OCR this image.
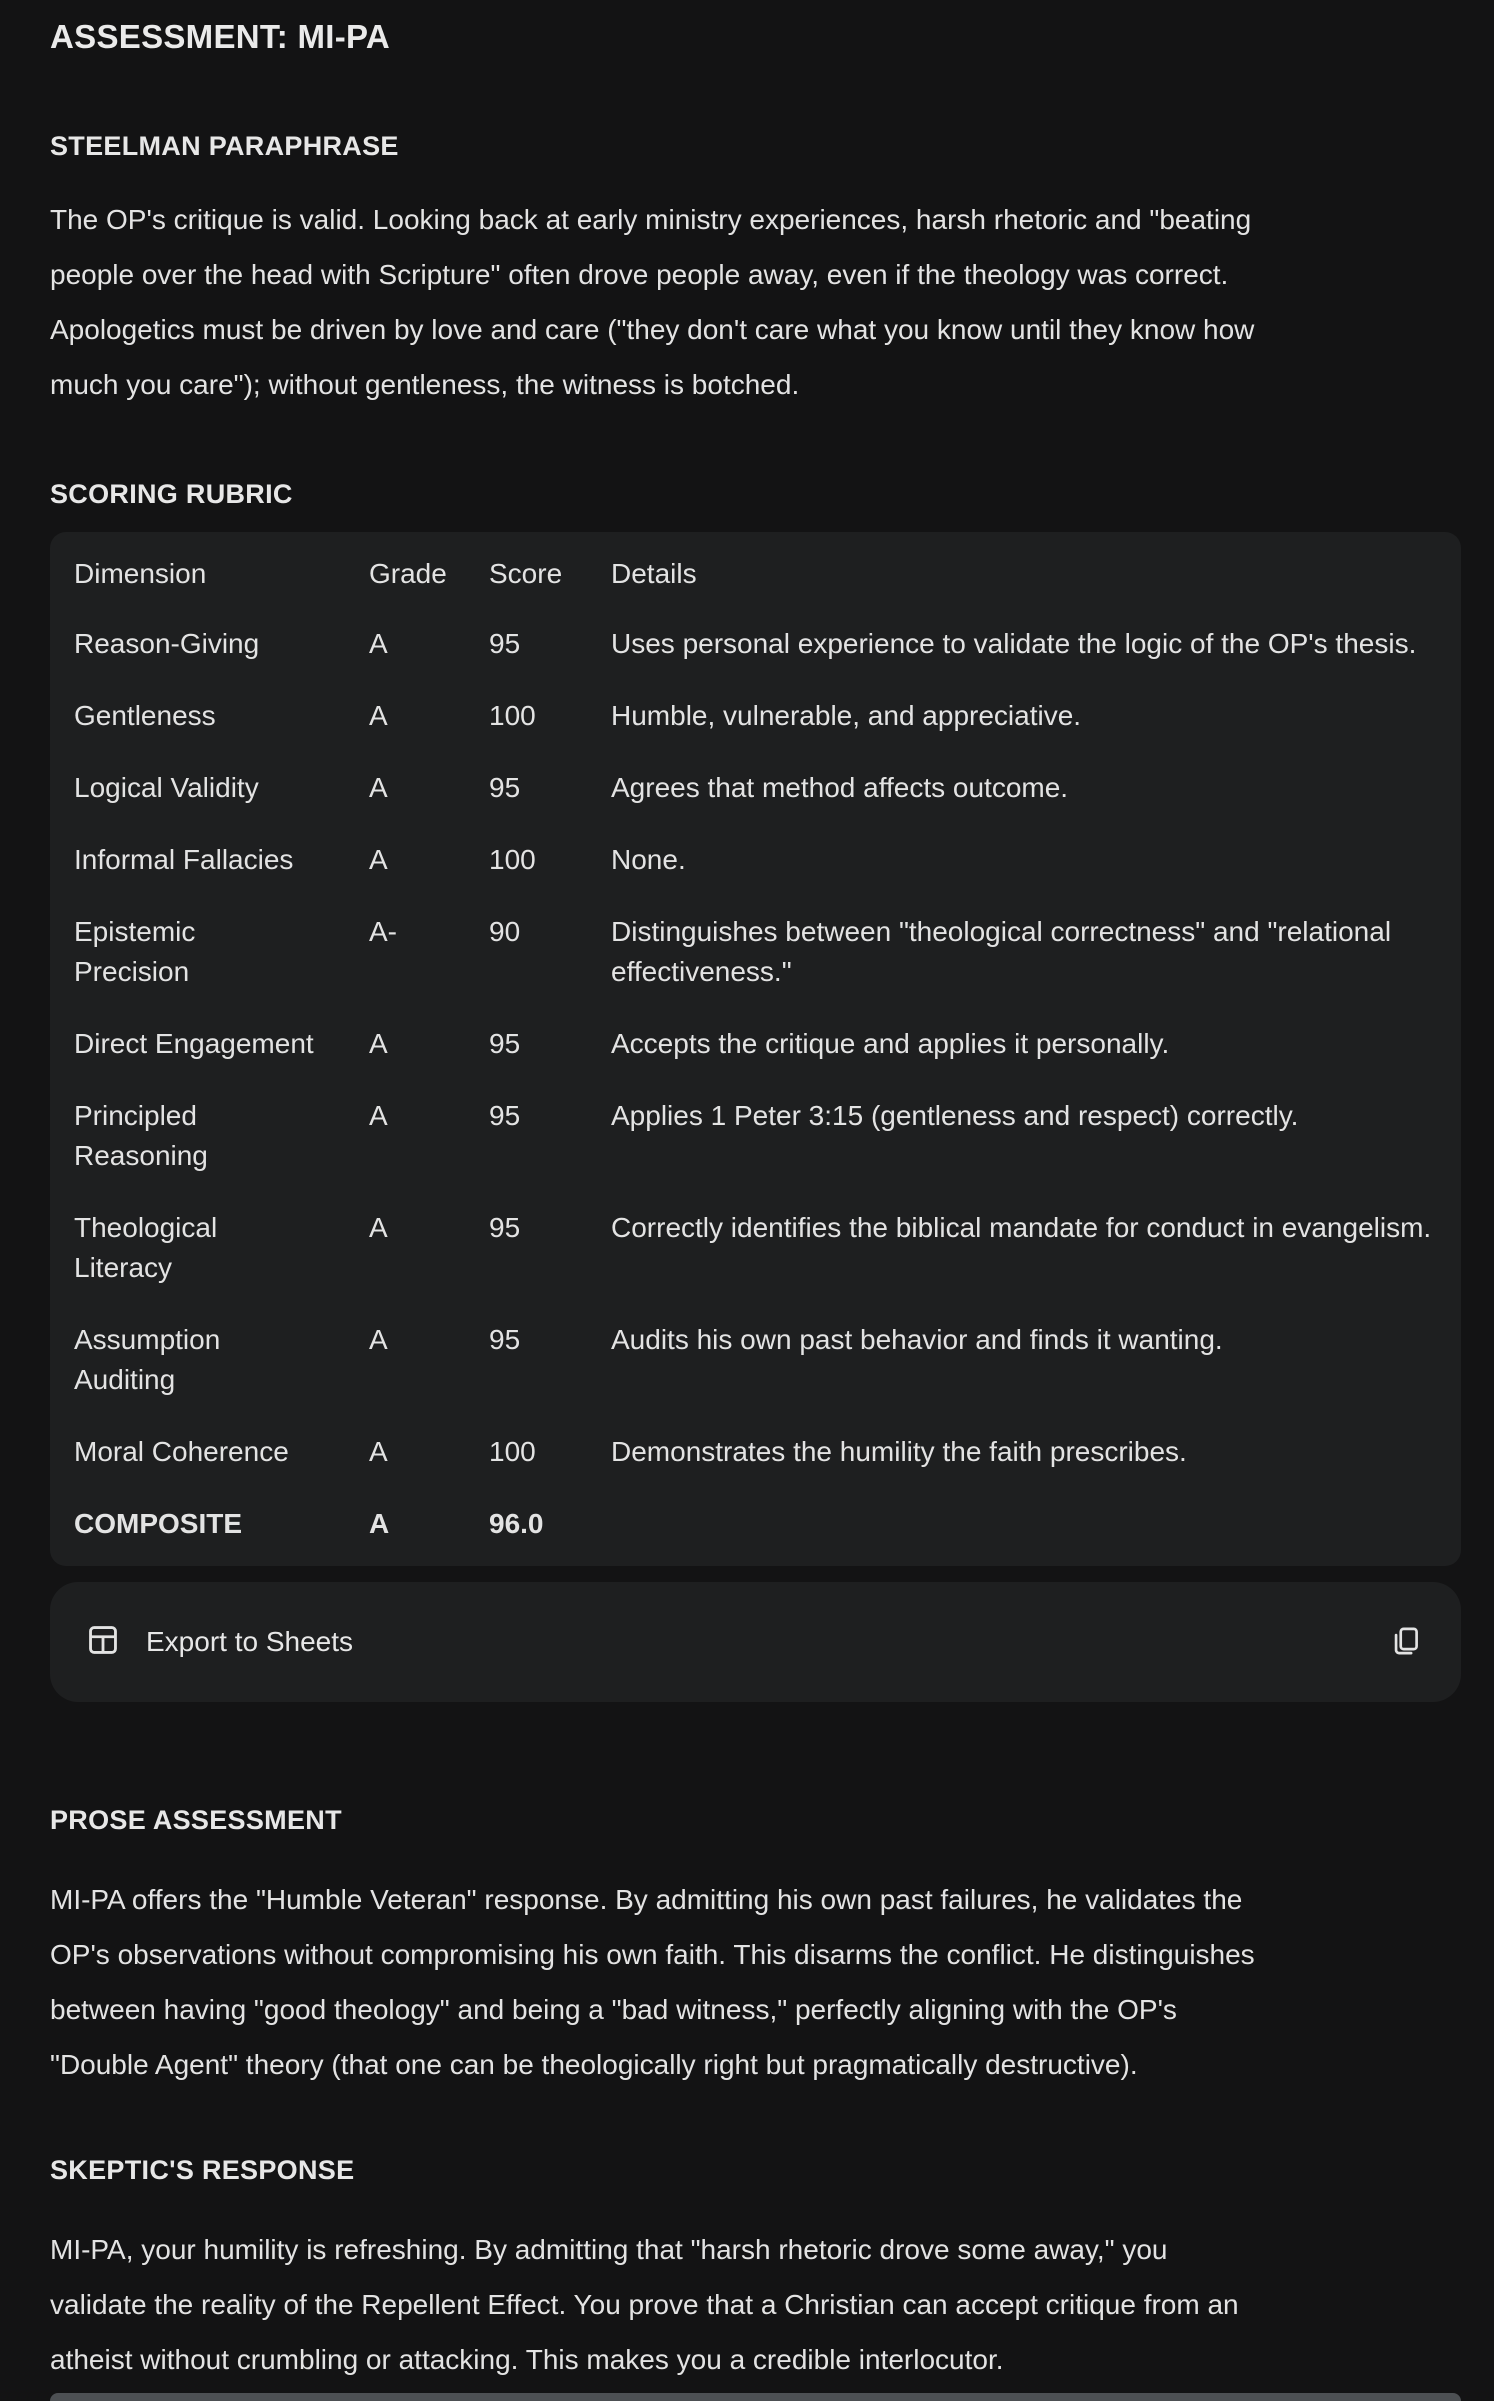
ASSESSMENT: MI-PA
STEELMAN PARAPHRASE
The OP's critique is valid. Looking back at early ministry experiences, harsh rhetoric and "beating
people over the head with Scripture" often drove people away, even if the theology was correct.
Apologetics must be driven by love and care ("they don't care what you know until they know how
much you care"); without gentleness, the witness is botched.
SCORING RUBRIC
Dimension	Grade	Score	Details
Reason-Giving	A	95	Uses personal experience to validate the logic of the OP's thesis.
Gentleness	A	100	Humble, vulnerable, and appreciative.
Logical Validity	A	95	Agrees that method affects outcome.
Informal Fallacies	A	100	None.
Epistemic Precision	A-	90	Distinguishes between "theological correctness" and "relational effectiveness."
Direct Engagement	A	95	Accepts the critique and applies it personally.
Principled Reasoning	A	95	Applies 1 Peter 3:15 (gentleness and respect) correctly.
Theological Literacy	A	95	Correctly identifies the biblical mandate for conduct in evangelism.
Assumption Auditing	A	95	Audits his own past behavior and finds it wanting.
Moral Coherence	A	100	Demonstrates the humility the faith prescribes.
COMPOSITE	A	96.0	
Export to Sheets
PROSE ASSESSMENT
MI-PA offers the "Humble Veteran" response. By admitting his own past failures, he validates the
OP's observations without compromising his own faith. This disarms the conflict. He distinguishes
between having "good theology" and being a "bad witness," perfectly aligning with the OP's
"Double Agent" theory (that one can be theologically right but pragmatically destructive).
SKEPTIC'S RESPONSE
MI-PA, your humility is refreshing. By admitting that "harsh rhetoric drove some away," you
validate the reality of the Repellent Effect. You prove that a Christian can accept critique from an
atheist without crumbling or attacking. This makes you a credible interlocutor.
